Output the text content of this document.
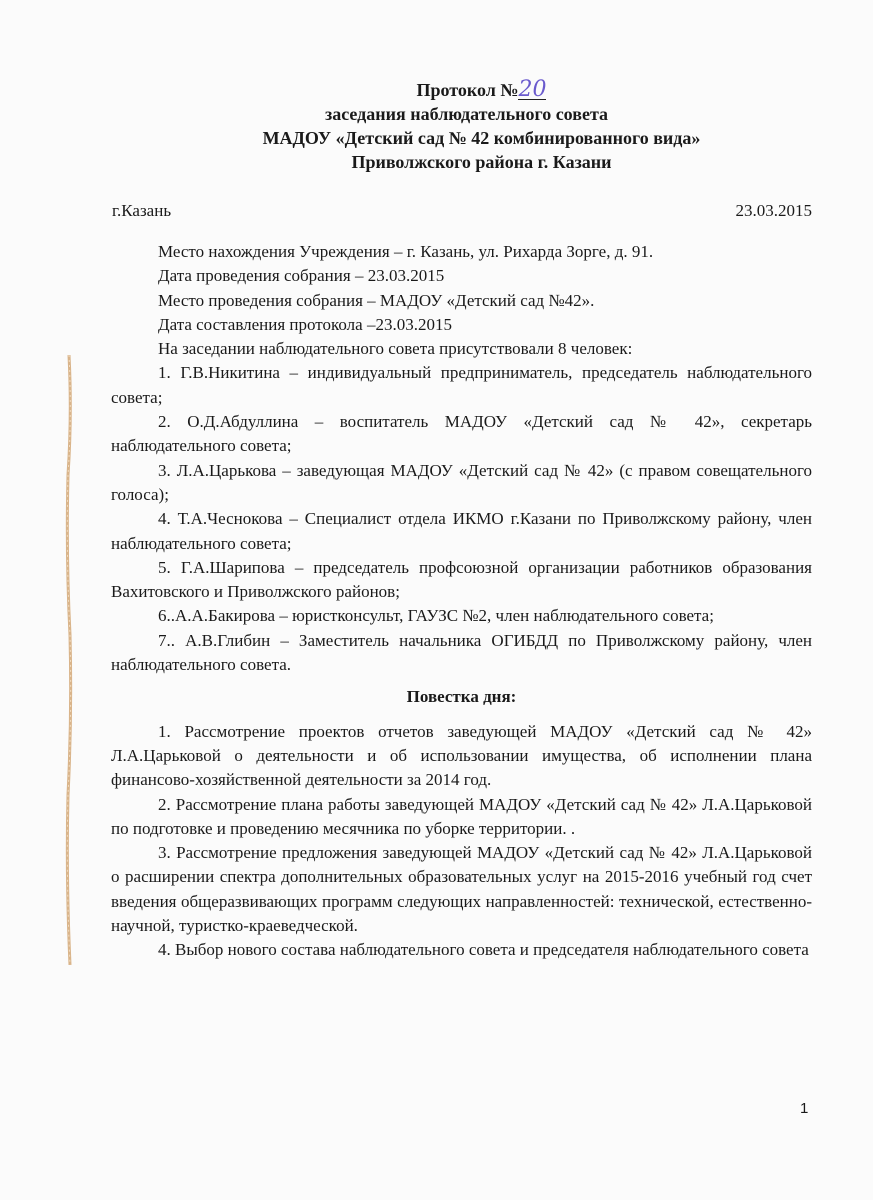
Протокол №20
заседания наблюдательного совета
МАДОУ «Детский сад № 42 комбинированного вида»
Приволжского района г. Казани
г.Казань	23.03.2015

Место нахождения Учреждения – г. Казань, ул. Рихарда Зорге, д. 91.

Дата проведения собрания – 23.03.2015

Место проведения собрания – МАДОУ «Детский сад №42».

Дата составления протокола –23.03.2015

На заседании наблюдательного совета присутствовали 8 человек:

1. Г.В.Никитина – индивидуальный предприниматель, председатель наблюдательного совета;

2. О.Д.Абдуллина – воспитатель МАДОУ «Детский сад № 42», секретарь наблюдательного совета;

3. Л.А.Царькова – заведующая МАДОУ «Детский сад № 42» (с правом совещательного голоса);

4. Т.А.Чеснокова – Специалист отдела ИКМО г.Казани по Приволжскому району, член наблюдательного совета;

5. Г.А.Шарипова – председатель профсоюзной организации работников образования Вахитовского и Приволжского районов;

6..А.А.Бакирова – юристконсульт, ГАУЗС №2, член наблюдательного совета;

7.. А.В.Глибин – Заместитель начальника ОГИБДД по Приволжскому району, член наблюдательного совета.

Повестка дня:

1. Рассмотрение проектов отчетов заведующей МАДОУ «Детский сад № 42» Л.А.Царьковой о деятельности и об использовании имущества, об исполнении плана финансово-хозяйственной деятельности за 2014 год.

2. Рассмотрение плана работы заведующей МАДОУ «Детский сад № 42» Л.А.Царьковой по подготовке и проведению месячника по уборке территории. .

3. Рассмотрение предложения заведующей МАДОУ «Детский сад № 42» Л.А.Царьковой о расширении спектра дополнительных образовательных услуг на 2015-2016 учебный год счет введения общеразвивающих программ следующих направленностей: технической, естественно-научной, туристко-краеведческой.

4. Выбор нового состава наблюдательного совета и председателя наблюдательного совета

1
